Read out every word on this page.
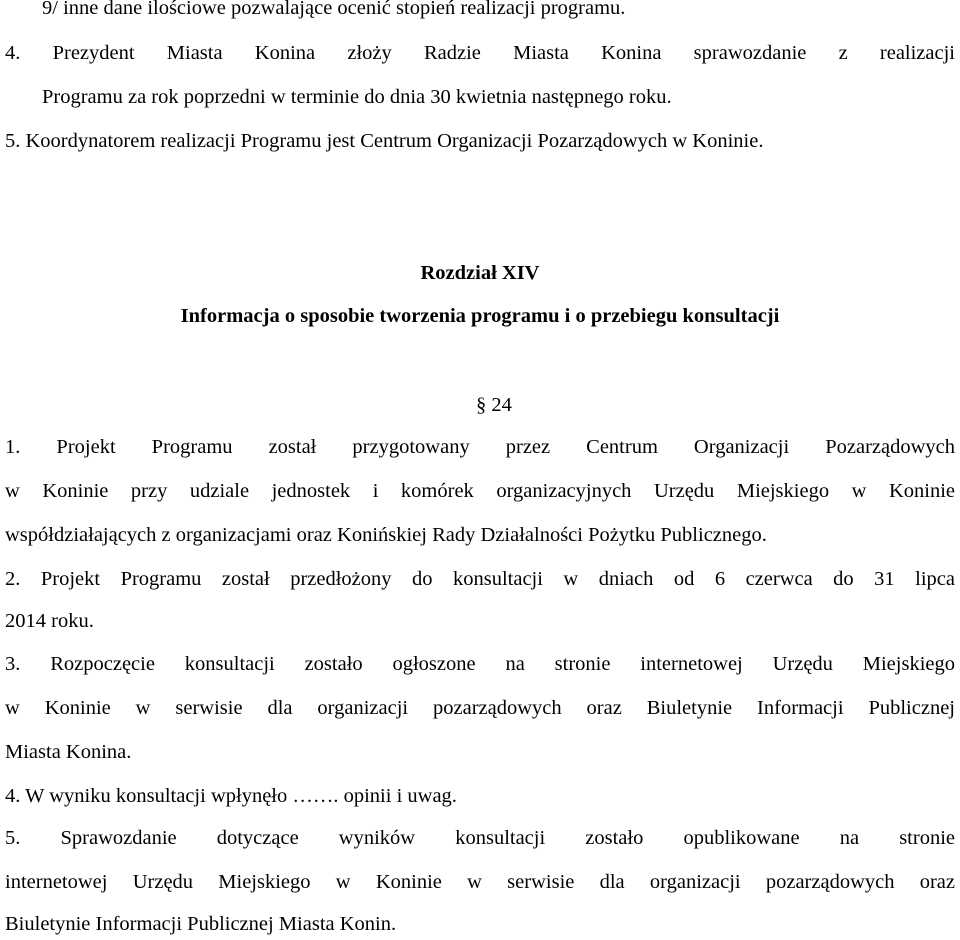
9/ inne dane ilościowe pozwalające ocenić stopień realizacji programu.
4. Prezydent Miasta Konina złoży Radzie Miasta Konina sprawozdanie z realizacji
Programu za rok poprzedni w terminie do dnia 30 kwietnia następnego roku.
5. Koordynatorem realizacji Programu jest Centrum Organizacji Pozarządowych w Koninie.
Rozdział XIV
Informacja o sposobie tworzenia programu i o przebiegu konsultacji
§ 24
1. Projekt Programu został przygotowany przez Centrum Organizacji Pozarządowych
w Koninie przy udziale jednostek i komórek organizacyjnych Urzędu Miejskiego w Koninie
współdziałających z organizacjami oraz Konińskiej Rady Działalności Pożytku Publicznego.
2. Projekt Programu został przedłożony do konsultacji w dniach od 6 czerwca do 31 lipca
2014 roku.
3. Rozpoczęcie konsultacji zostało ogłoszone na stronie internetowej Urzędu Miejskiego
w Koninie w serwisie dla organizacji pozarządowych oraz Biuletynie Informacji Publicznej
Miasta Konina.
4. W wyniku konsultacji wpłynęło ……. opinii i uwag.
5. Sprawozdanie dotyczące wyników konsultacji zostało opublikowane na stronie
internetowej Urzędu Miejskiego w Koninie w serwisie dla organizacji pozarządowych oraz
Biuletynie Informacji Publicznej Miasta Konin.
